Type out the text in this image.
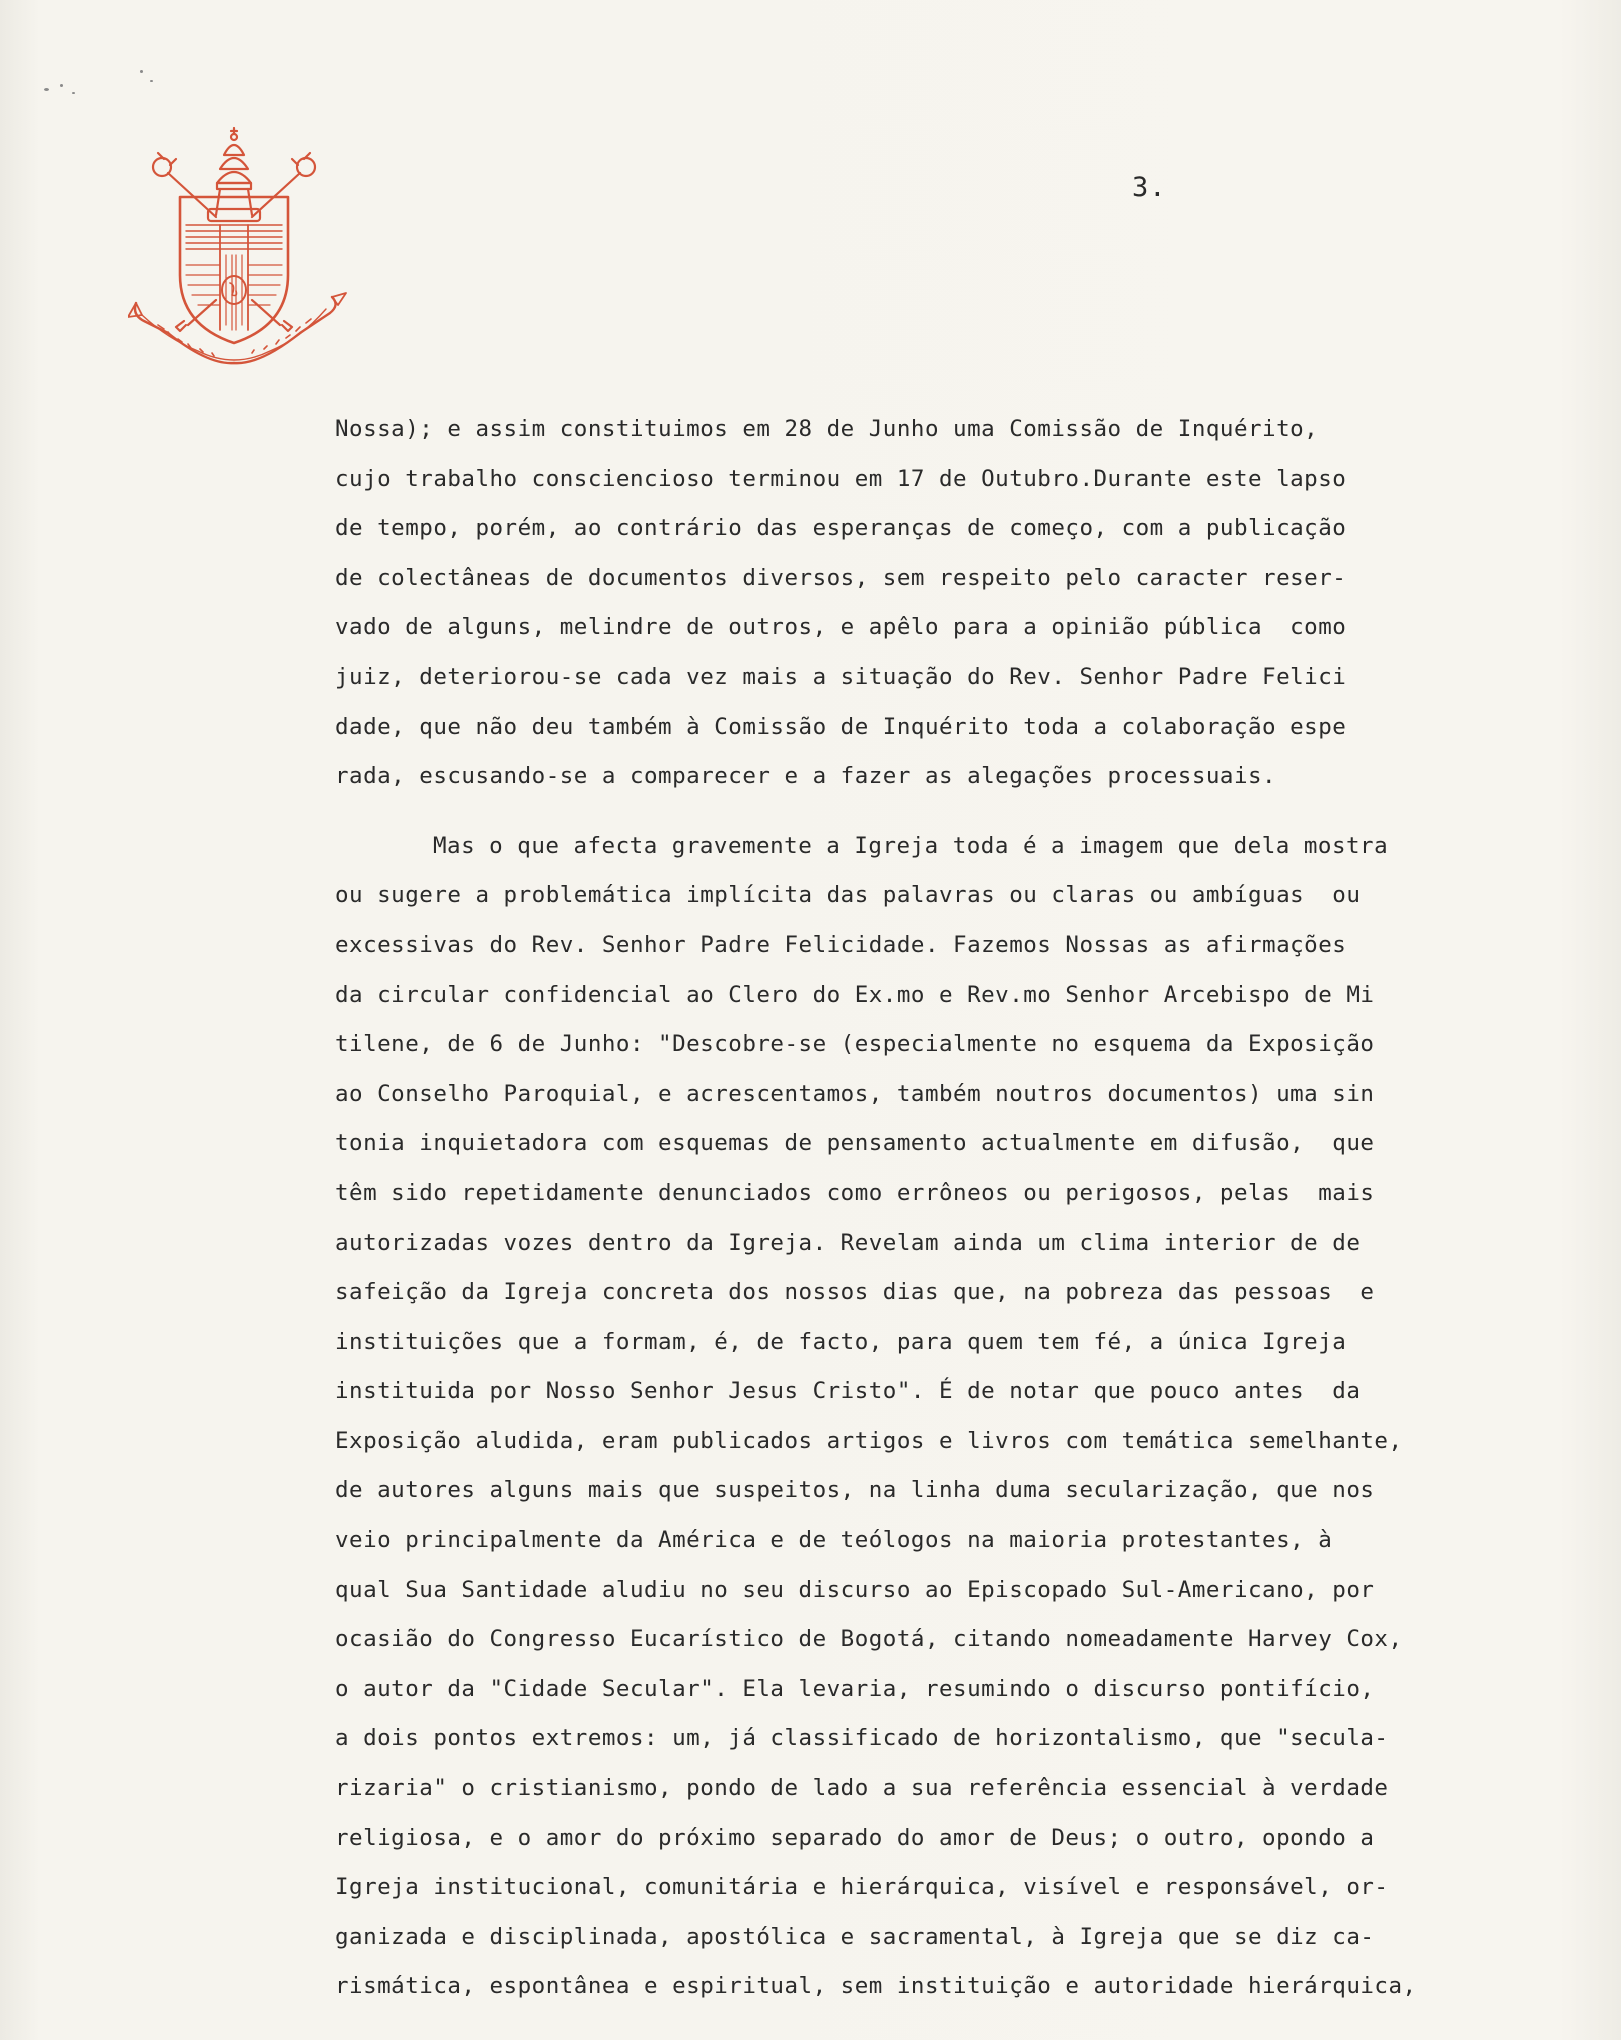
3.
Nossa); e assim constituimos em 28 de Junho uma Comissão de Inquérito,
cujo trabalho consciencioso terminou em 17 de Outubro.Durante este lapso
de tempo, porém, ao contrário das esperanças de começo, com a publicação
de colectâneas de documentos diversos, sem respeito pelo caracter reser-
vado de alguns, melindre de outros, e apêlo para a opinião pública  como
juiz, deteriorou-se cada vez mais a situação do Rev. Senhor Padre Felici
dade, que não deu também à Comissão de Inquérito toda a colaboração espe
rada, escusando-se a comparecer e a fazer as alegações processuais.
Mas o que afecta gravemente a Igreja toda é a imagem que dela mostra
ou sugere a problemática implícita das palavras ou claras ou ambíguas  ou
excessivas do Rev. Senhor Padre Felicidade. Fazemos Nossas as afirmações
da circular confidencial ao Clero do Ex.mo e Rev.mo Senhor Arcebispo de Mi
tilene, de 6 de Junho: "Descobre-se (especialmente no esquema da Exposição
ao Conselho Paroquial, e acrescentamos, também noutros documentos) uma sin
tonia inquietadora com esquemas de pensamento actualmente em difusão,  que
têm sido repetidamente denunciados como errôneos ou perigosos, pelas  mais
autorizadas vozes dentro da Igreja. Revelam ainda um clima interior de de
safeição da Igreja concreta dos nossos dias que, na pobreza das pessoas  e
instituições que a formam, é, de facto, para quem tem fé, a única Igreja
instituida por Nosso Senhor Jesus Cristo". É de notar que pouco antes  da
Exposição aludida, eram publicados artigos e livros com temática semelhante,
de autores alguns mais que suspeitos, na linha duma secularização, que nos
veio principalmente da América e de teólogos na maioria protestantes, à
qual Sua Santidade aludiu no seu discurso ao Episcopado Sul-Americano, por
ocasião do Congresso Eucarístico de Bogotá, citando nomeadamente Harvey Cox,
o autor da "Cidade Secular". Ela levaria, resumindo o discurso pontifício,
a dois pontos extremos: um, já classificado de horizontalismo, que "secula-
rizaria" o cristianismo, pondo de lado a sua referência essencial à verdade
religiosa, e o amor do próximo separado do amor de Deus; o outro, opondo a
Igreja institucional, comunitária e hierárquica, visível e responsável, or-
ganizada e disciplinada, apostólica e sacramental, à Igreja que se diz ca-
rismática, espontânea e espiritual, sem instituição e autoridade hierárquica,
